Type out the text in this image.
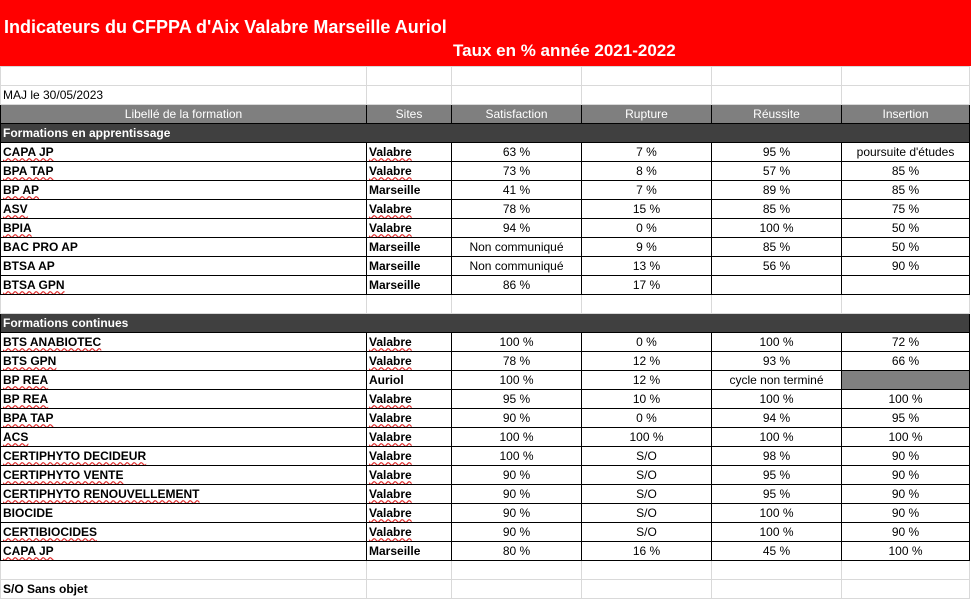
Indicateurs du CFPPA d'Aix Valabre Marseille Auriol
Taux en % année 2021-2022

MAJ le 30/05/2023					
Libellé de la formation	Sites	Satisfaction	Rupture	Réussite	Insertion
Formations en apprentissage					
CAPA JP	Valabre	63 %	7 %	95 %	poursuite d'études
BPA TAP	Valabre	73 %	8 %	57 %	85 %
BP AP	Marseille	41 %	7 %	89 %	85 %
ASV	Valabre	78 %	15 %	85 %	75 %
BPIA	Valabre	94 %	0 %	100 %	50 %
BAC PRO AP	Marseille	Non communiqué	9 %	85 %	50 %
BTSA AP	Marseille	Non communiqué	13 %	56 %	90 %
BTSA GPN	Marseille	86 %	17 %		

Formations continues					
BTS ANABIOTEC	Valabre	100 %	0 %	100 %	72 %
BTS GPN	Valabre	78 %	12 %	93 %	66 %
BP REA	Auriol	100 %	12 %	cycle non terminé	
BP REA	Valabre	95 %	10 %	100 %	100 %
BPA TAP	Valabre	90 %	0 %	94 %	95 %
ACS	Valabre	100 %	100 %	100 %	100 %
CERTIPHYTO DECIDEUR	Valabre	100 %	S/O	98 %	90 %
CERTIPHYTO VENTE	Valabre	90 %	S/O	95 %	90 %
CERTIPHYTO RENOUVELLEMENT	Valabre	90 %	S/O	95 %	90 %
BIOCIDE	Valabre	90 %	S/O	100 %	90 %
CERTIBIOCIDES	Valabre	90 %	S/O	100 %	90 %
CAPA JP	Marseille	80 %	16 %	45 %	100 %

S/O Sans objet					
